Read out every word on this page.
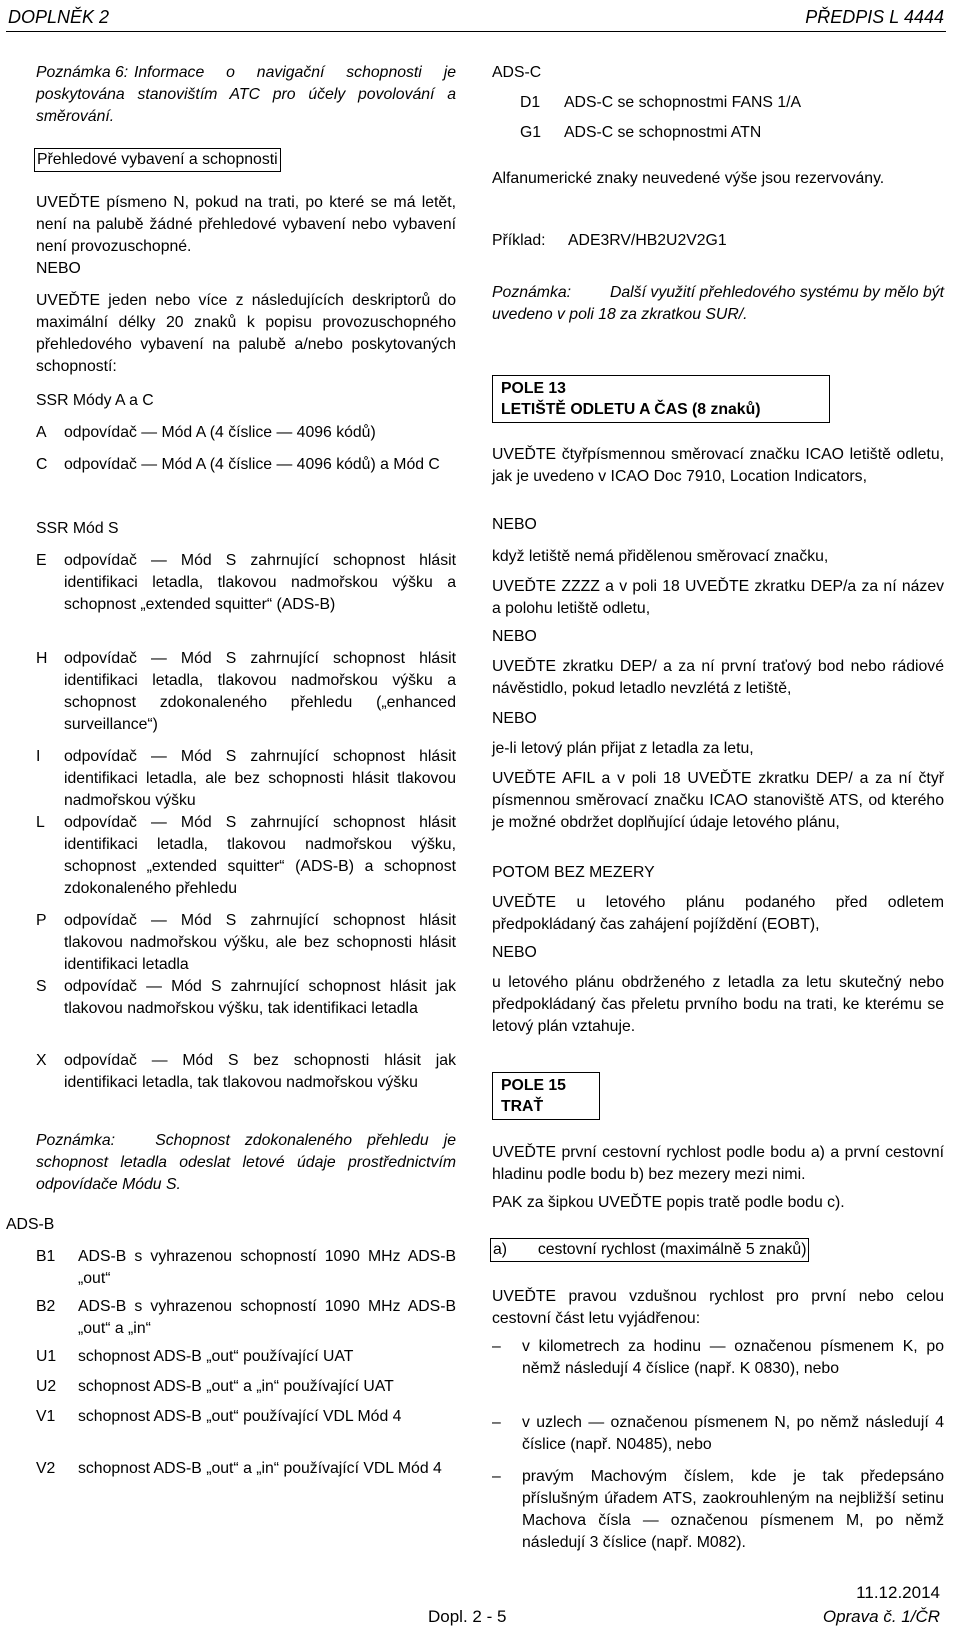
DOPLNĚK 2	PŘEDPIS L 4444
Poznámka 6: Informace o navigační schopnosti je poskytována stanovištím ATC pro účely povolování a směrování.

Přehledové vybavení a schopnosti

UVEĎTE písmeno N, pokud na trati, po které se má letět, není na palubě žádné přehledové vybavení nebo vybavení není provozuschopné.

NEBO

UVEĎTE jeden nebo více z následujících deskriptorů do maximální délky 20 znaků k popisu provozuschopného přehledového vybavení na palubě a/nebo poskytovaných schopností:

SSR Módy A a C

A odpovídač — Mód A (4 číslice — 4096 kódů)
C odpovídač — Mód A (4 číslice — 4096 kódů) a Mód C

SSR Mód S

E odpovídač — Mód S zahrnující schopnost hlásit identifikaci letadla, tlakovou nadmořskou výšku a schopnost „extended squitter“ (ADS-B)
H odpovídač — Mód S zahrnující schopnost hlásit identifikaci letadla, tlakovou nadmořskou výšku a schopnost zdokonaleného přehledu („enhanced surveillance“)
I odpovídač — Mód S zahrnující schopnost hlásit identifikaci letadla, ale bez schopnosti hlásit tlakovou nadmořskou výšku
L odpovídač — Mód S zahrnující schopnost hlásit identifikaci letadla, tlakovou nadmořskou výšku, schopnost „extended squitter“ (ADS-B) a schopnost zdokonaleného přehledu
P odpovídač — Mód S zahrnující schopnost hlásit tlakovou nadmořskou výšku, ale bez schopnosti hlásit identifikaci letadla
S odpovídač — Mód S zahrnující schopnost hlásit jak tlakovou nadmořskou výšku, tak identifikaci letadla
X odpovídač — Mód S bez schopnosti hlásit jak identifikaci letadla, tak tlakovou nadmořskou výšku

Poznámka:	Schopnost zdokonaleného přehledu je schopnost letadla odeslat letové údaje prostřednictvím odpovídače Módu S.

ADS-B

B1 ADS-B s vyhrazenou schopností 1090 MHz ADS-B „out“
B2 ADS-B s vyhrazenou schopností 1090 MHz ADS-B „out“ a „in“
U1 schopnost ADS-B „out“ používající UAT
U2 schopnost ADS-B „out“ a „in“ používající UAT
V1 schopnost ADS-B „out“ používající VDL Mód 4
V2 schopnost ADS-B „out“ a „in“ používající VDL Mód 4

ADS-C

D1 ADS-C se schopnostmi FANS 1/A
G1 ADS-C se schopnostmi ATN

Alfanumerické znaky neuvedené výše jsou rezervovány.

Příklad: ADE3RV/HB2U2V2G1

Poznámka: Další využití přehledového systému by mělo být uvedeno v poli 18 za zkratkou SUR/.

POLE 13
LETIŠTĚ ODLETU A ČAS (8 znaků)

UVEĎTE čtyřpísmennou směrovací značku ICAO letiště odletu, jak je uvedeno v ICAO Doc 7910, Location Indicators,

NEBO

když letiště nemá přidělenou směrovací značku,

UVEĎTE ZZZZ a v poli 18 UVEĎTE zkratku DEP/a za ní název a polohu letiště odletu,

NEBO

UVEĎTE zkratku DEP/ a za ní první traťový bod nebo rádiové návěstidlo, pokud letadlo nevzlétá z letiště,

NEBO

je-li letový plán přijat z letadla za letu,

UVEĎTE AFIL a v poli 18 UVEĎTE zkratku DEP/ a za ní čtyř písmennou směrovací značku ICAO stanoviště ATS, od kterého je možné obdržet doplňující údaje letového plánu,

POTOM BEZ MEZERY

UVEĎTE u letového plánu podaného před odletem předpokládaný čas zahájení pojíždění (EOBT),

NEBO

u letového plánu obdrženého z letadla za letu skutečný nebo předpokládaný čas přeletu prvního bodu na trati, ke kterému se letový plán vztahuje.

POLE 15
TRAŤ

UVEĎTE první cestovní rychlost podle bodu a) a první cestovní hladinu podle bodu b) bez mezery mezi nimi.

PAK za šipkou UVEĎTE popis tratě podle bodu c).

a) cestovní rychlost (maximálně 5 znaků)

UVEĎTE pravou vzdušnou rychlost pro první nebo celou cestovní část letu vyjádřenou:

– v kilometrech za hodinu — označenou písmenem K, po němž následují 4 číslice (např. K 0830), nebo
– v uzlech — označenou písmenem N, po němž následují 4 číslice (např. N0485), nebo
– pravým Machovým číslem, kde je tak předepsáno příslušným úřadem ATS, zaokrouhleným na nejbližší setinu Machova čísla — označenou písmenem M, po němž následují 3 číslice (např. M082).
11.12.2014
Dopl. 2 - 5	Oprava č. 1/ČR
